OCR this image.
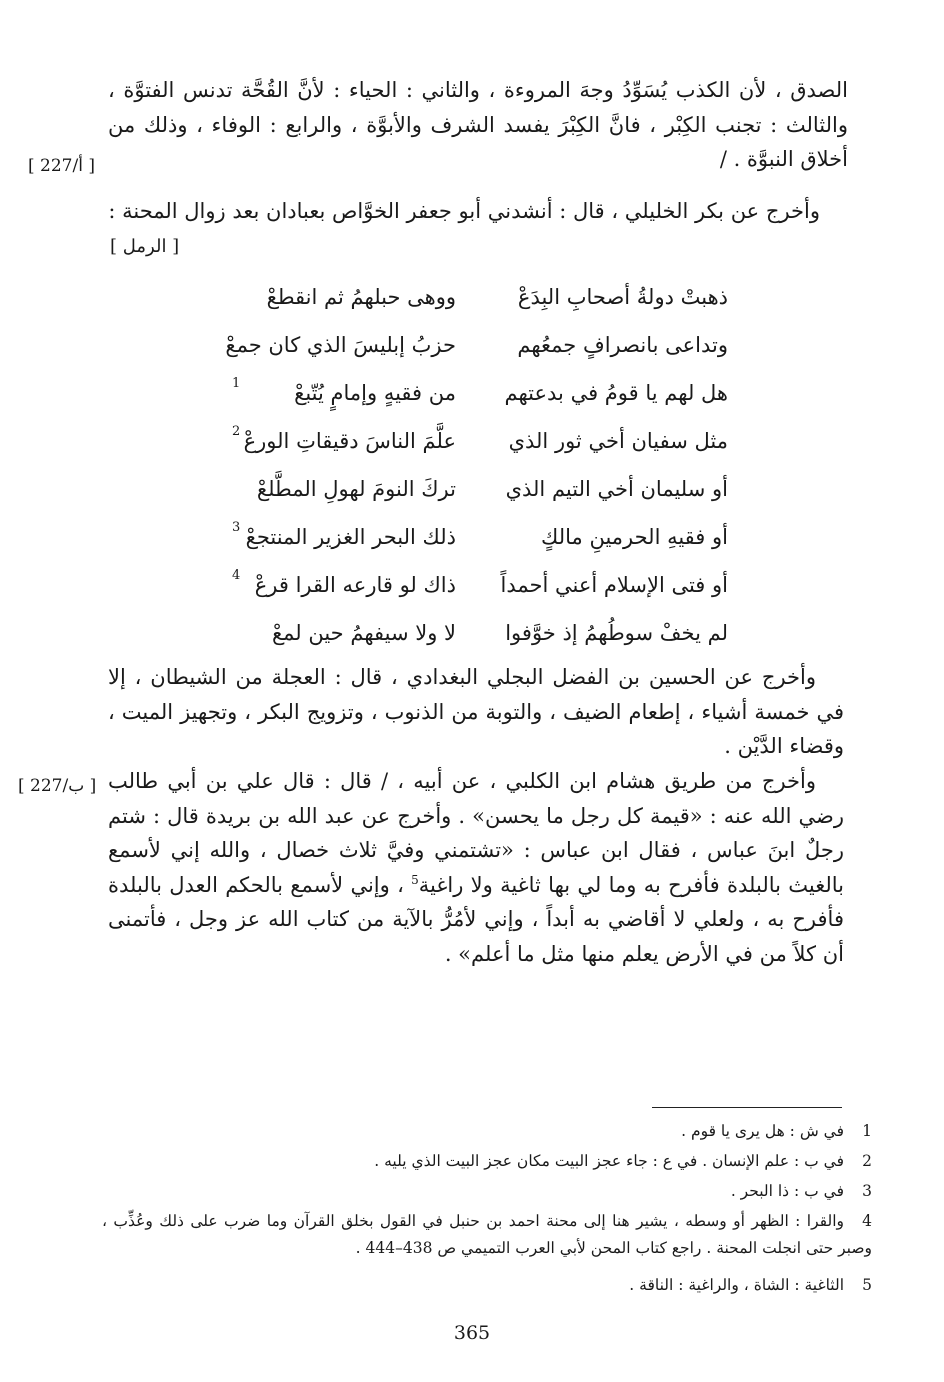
الصدق ، لأن الكذب يُسَوِّدُ وجهَ المروءة ، والثاني : الحياء : لأنَّ القُحَّة تدنس الفتوَّة ، والثالث : تجنب الكِبْر ، فانَّ الكِبْرَ يفسد الشرف والأبوَّة ، والرابع : الوفاء ، وذلك من أخلاق النبوَّة . /
[ 227/أ ]
وأخرج عن بكر الخليلي ، قال : أنشدني أبو جعفر الخوَّاص بعبادان بعد زوال المحنة :
[ الرمل ]
ذهبتْ دولةُ أصحابِ البِدَعْ
ووهى حبلهمُ ثم انقطعْ
وتداعى بانصرافٍ جمعُهم
حزبُ إبليسَ الذي كان جمعْ
هل لهم يا قومُ في بدعتهم
من فقيهٍ وإمامٍ يُتّبعْ
1
مثل سفيان أخي ثور الذي
علَّمَ الناسَ دقيقاتِ الورعْ
2
أو سليمان أخي التيم الذي
تركَ النومَ لهولِ المطَّلعْ
أو فقيهِ الحرمينِ مالكٍ
ذلك البحر الغزير المنتجعْ
3
أو فتى الإسلام أعني أحمداً
ذاك لو قارعه القرا قرعْ
4
لم يخفْ سوطُهمُ إذ خوَّفوا
لا ولا سيفهمُ حين لمعْ
وأخرج عن الحسين بن الفضل البجلي البغدادي ، قال : العجلة من الشيطان ، إلا في خمسة أشياء ، إطعام الضيف ، والتوبة من الذنوب ، وتزويج البكر ، وتجهيز الميت ، وقضاء الدَّيْن .
وأخرج من طريق هشام ابن الكلبي ، عن أبيه ، / قال : قال علي بن أبي طالب رضي الله عنه : «قيمة كل رجل ما يحسن» . وأخرج عن عبد الله بن بريدة قال : شتم رجلٌ ابنَ عباس ، فقال ابن عباس : «تشتمني وفيَّ ثلاث خصال ، والله إني لأسمع بالغيث بالبلدة فأفرح به وما لي بها ثاغية ولا راغية$^5$ ، وإني لأسمع بالحكم العدل بالبلدة فأفرح به ، ولعلي لا أقاضي به أبداً ، وإني لأمُرُّ بالآية من كتاب الله عز وجل ، فأتمنى أن كلاً من في الأرض يعلم منها مثل ما أعلم» .
[ 227/ب ]
1في ش : هل يرى يا قوم .
2في ب : علم الإنسان . في ع : جاء عجز البيت مكان عجز البيت الذي يليه .
3في ب : ذا البحر .
4والقرا : الظهر أو وسطه ، يشير هنا إلى محنة احمد بن حنبل في القول بخلق القرآن وما ضرب على ذلك وعُذِّب ، وصبر حتى انجلت المحنة . راجع كتاب المحن لأبي العرب التميمي ص 438–444 .
5الثاغية : الشاة ، والراغية : الناقة .
365
